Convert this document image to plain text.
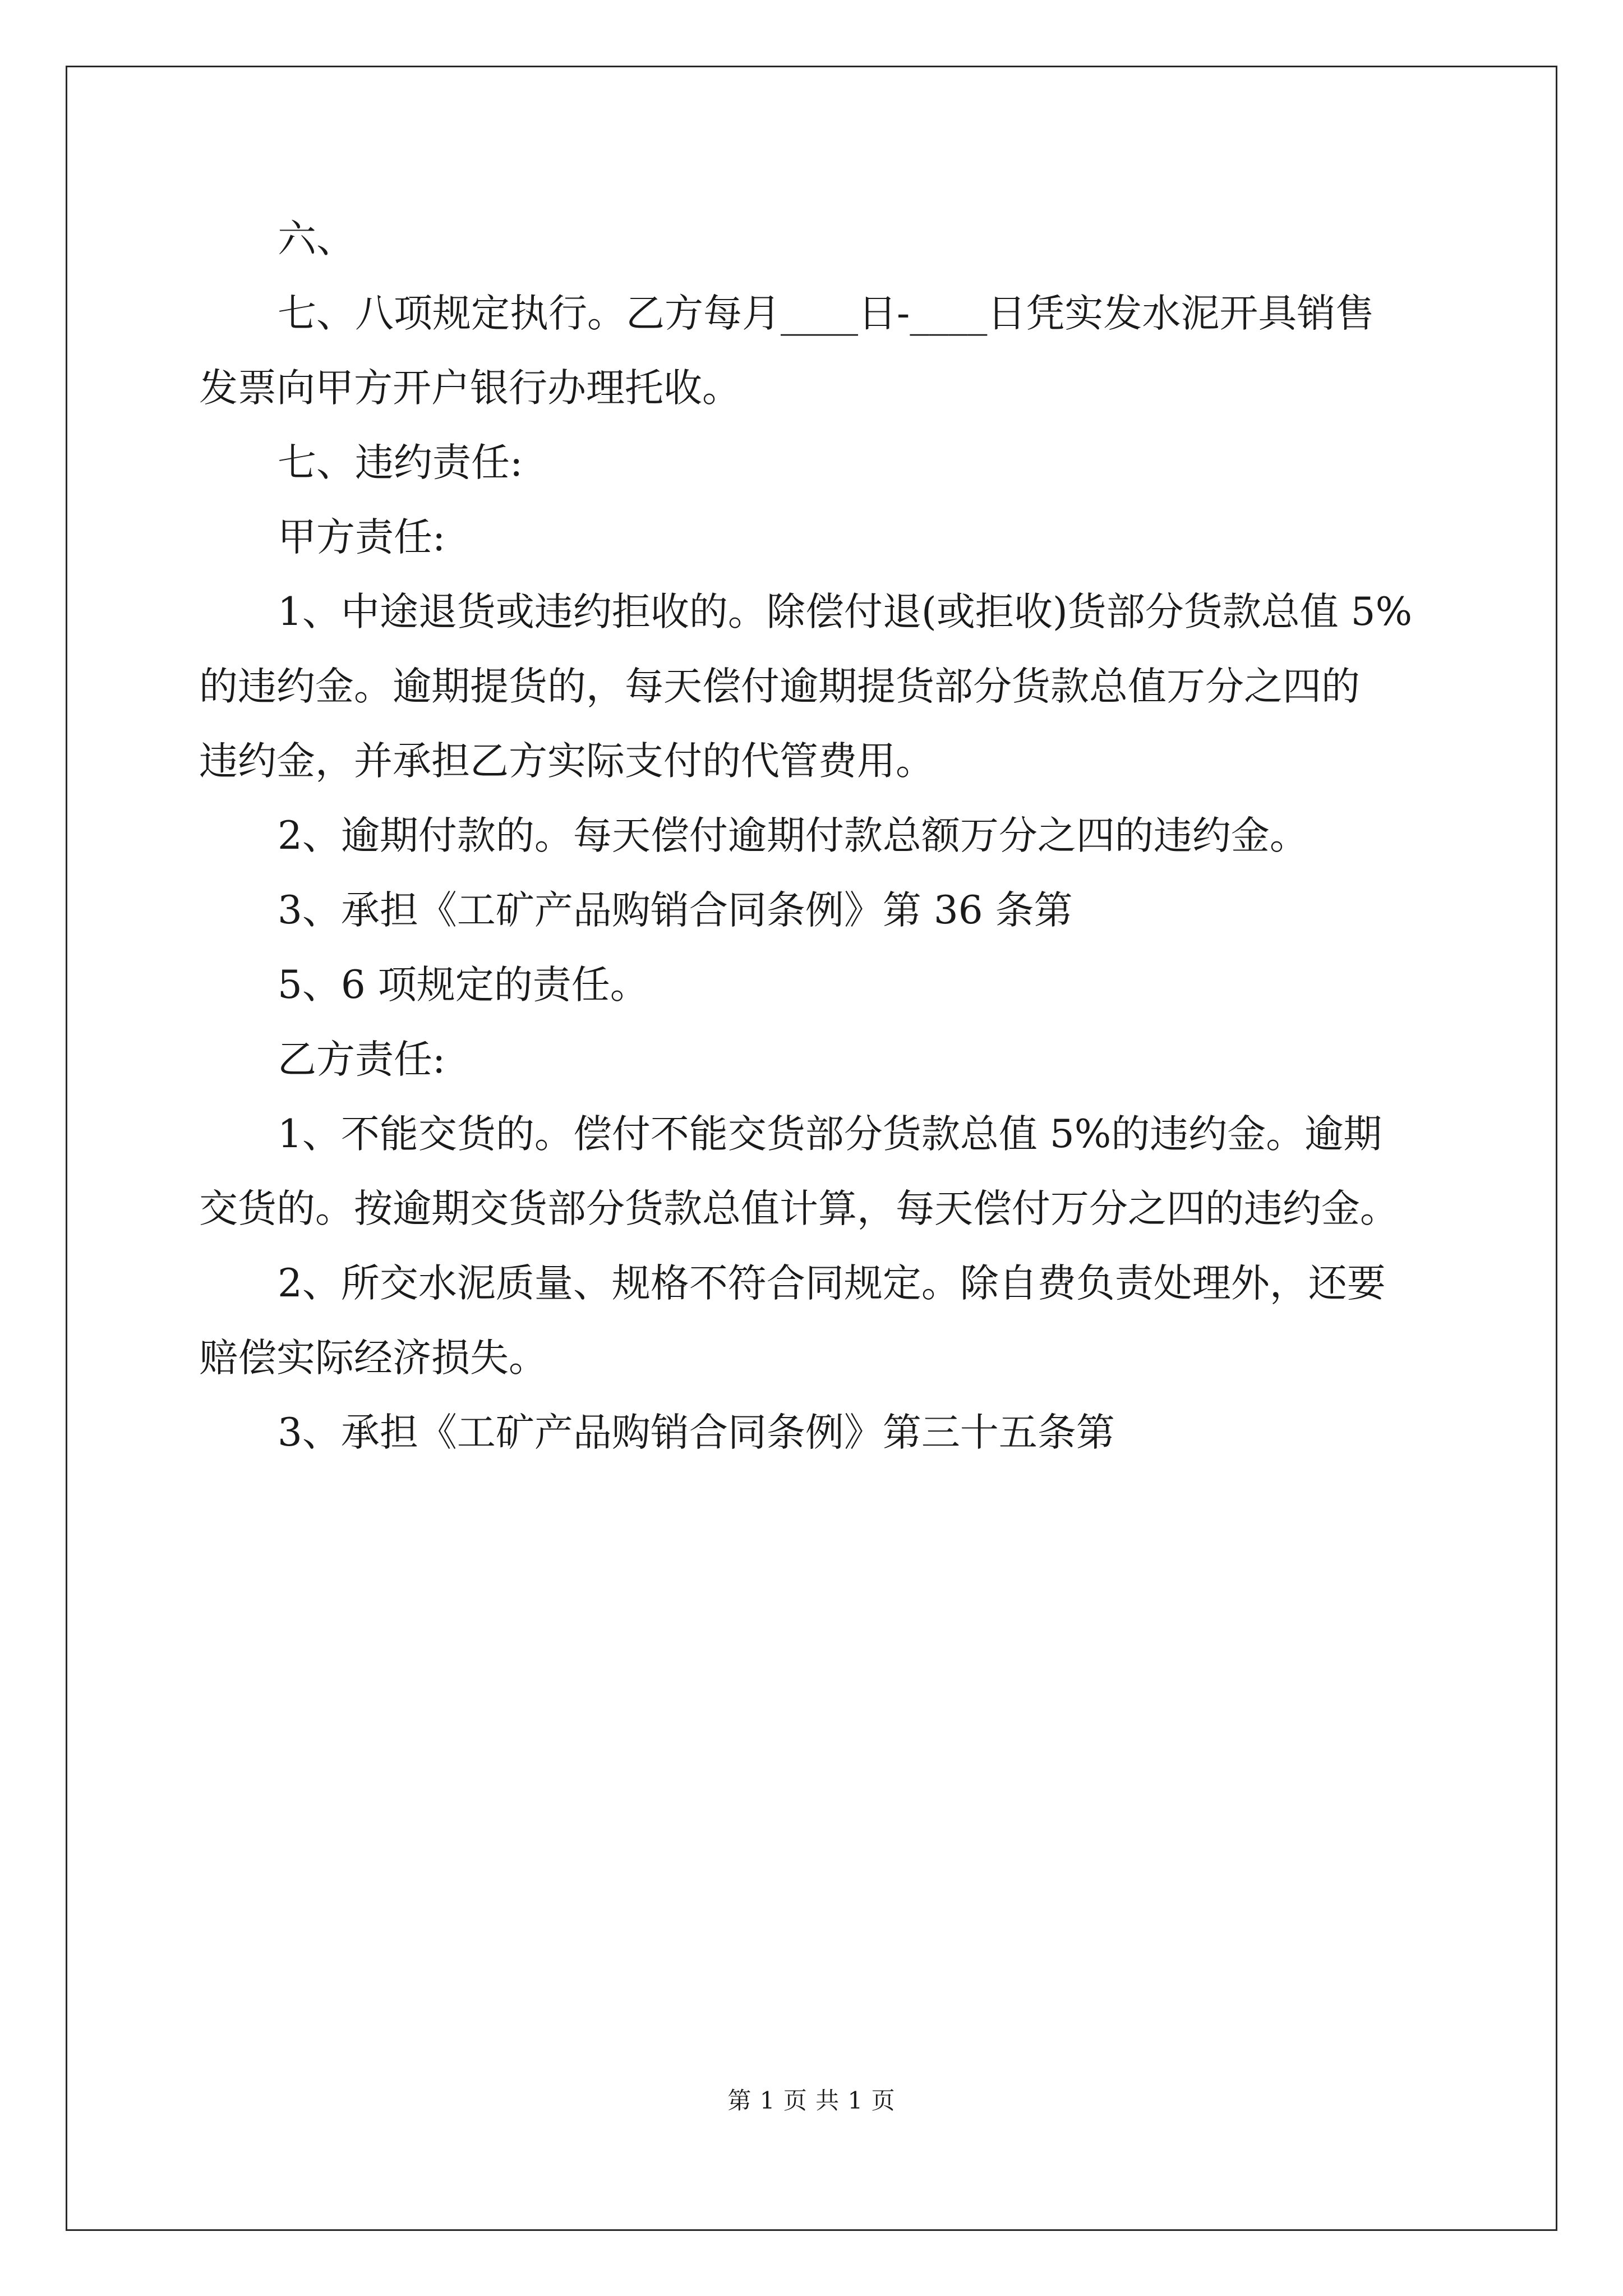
六、

七、八项规定执行。乙方每月____日-____日凭实发水泥开具销售

发票向甲方开户银行办理托收。

七、违约责任:

甲方责任:

1、中途退货或违约拒收的。除偿付退(或拒收)货部分货款总值 5%

的违约金。逾期提货的，每天偿付逾期提货部分货款总值万分之四的

违约金，并承担乙方实际支付的代管费用。

2、逾期付款的。每天偿付逾期付款总额万分之四的违约金。

3、承担《工矿产品购销合同条例》第 36 条第

5、6 项规定的责任。

乙方责任:

1、不能交货的。偿付不能交货部分货款总值 5%的违约金。逾期

交货的。按逾期交货部分货款总值计算，每天偿付万分之四的违约金。

2、所交水泥质量、规格不符合同规定。除自费负责处理外，还要

赔偿实际经济损失。

3、承担《工矿产品购销合同条例》第三十五条第

第 1 页 共 1 页
